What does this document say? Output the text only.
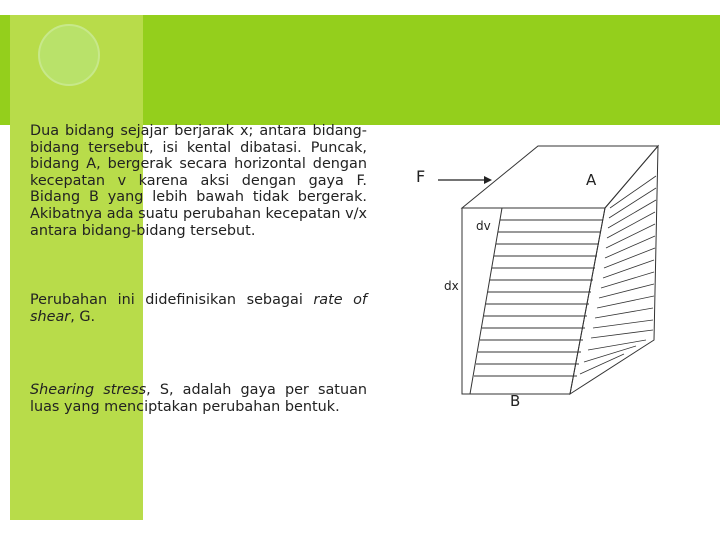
Dua bidang sejajar berjarak x; antara bidang-bidang tersebut, isi kental dibatasi. Puncak, bidang A, bergerak secara horizontal dengan kecepatan v karena aksi dengan gaya F. Bidang B yang lebih bawah tidak bergerak. Akibatnya ada suatu perubahan kecepatan v/x antara bidang-bidang tersebut.

Perubahan ini didefinisikan sebagai rate of shear, G.

Shearing stress, S, adalah gaya per satuan luas yang menciptakan perubahan bentuk.

F	A
B
dv
dx
